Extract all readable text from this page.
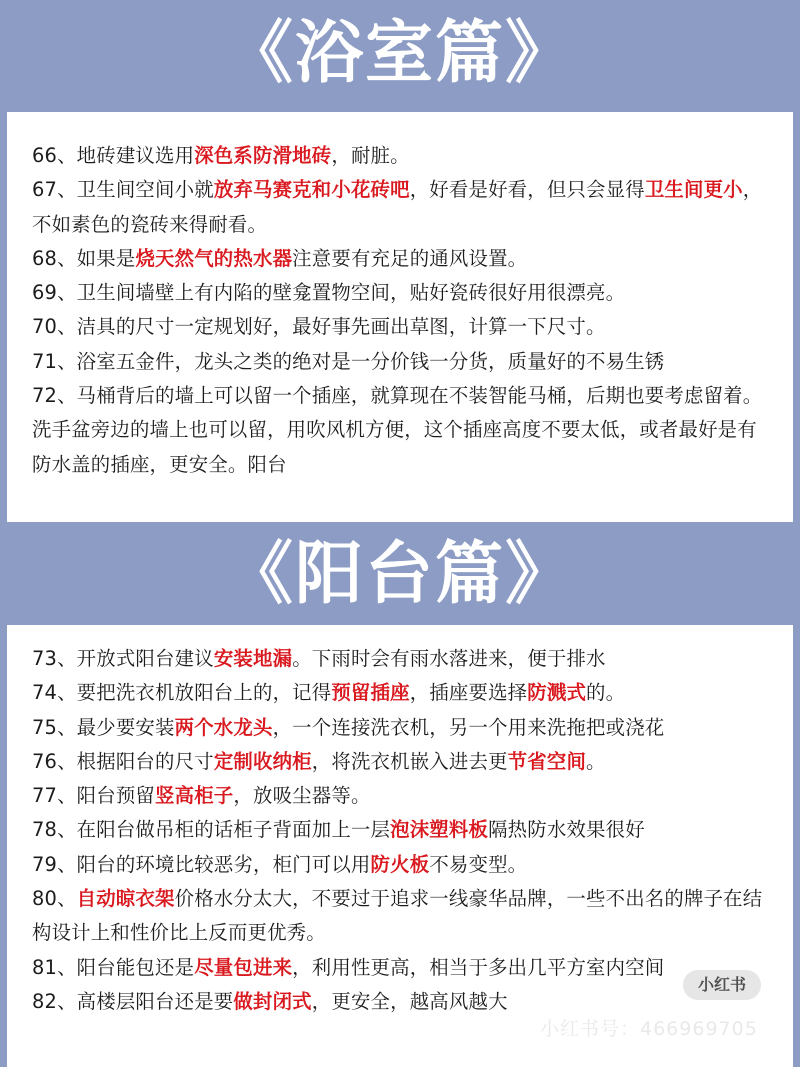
《浴室篇》

66、地砖建议选用深色系防滑地砖，耐脏。

67、卫生间空间小就放弃马赛克和小花砖吧，好看是好看，但只会显得卫生间更小，不如素色的瓷砖来得耐看。

68、如果是烧天然气的热水器注意要有充足的通风设置。

69、卫生间墙壁上有内陷的壁龛置物空间，贴好瓷砖很好用很漂亮。

70、洁具的尺寸一定规划好，最好事先画出草图，计算一下尺寸。

71、浴室五金件，龙头之类的绝对是一分价钱一分货，质量好的不易生锈

72、马桶背后的墙上可以留一个插座，就算现在不装智能马桶，后期也要考虑留着。洗手盆旁边的墙上也可以留，用吹风机方便，这个插座高度不要太低，或者最好是有防水盖的插座，更安全。阳台

《阳台篇》

73、开放式阳台建议安装地漏。下雨时会有雨水落进来，便于排水

74、要把洗衣机放阳台上的，记得预留插座，插座要选择防溅式的。

75、最少要安装两个水龙头，一个连接洗衣机，另一个用来洗拖把或浇花

76、根据阳台的尺寸定制收纳柜，将洗衣机嵌入进去更节省空间。

77、阳台预留竖高柜子，放吸尘器等。

78、在阳台做吊柜的话柜子背面加上一层泡沫塑料板隔热防水效果很好

79、阳台的环境比较恶劣，柜门可以用防火板不易变型。

80、自动晾衣架价格水分太大，不要过于追求一线豪华品牌，一些不出名的牌子在结构设计上和性价比上反而更优秀。

81、阳台能包还是尽量包进来，利用性更高，相当于多出几平方室内空间

82、高楼层阳台还是要做封闭式，更安全，越高风越大

小红书
小红书号：466969705
